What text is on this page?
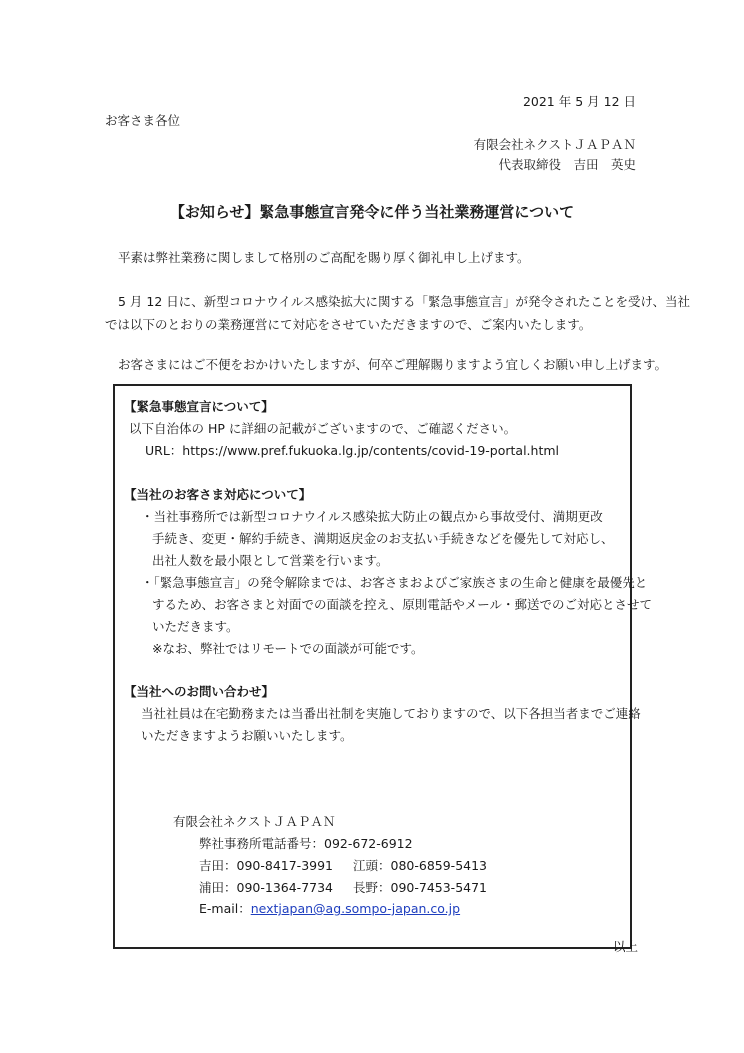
2021 年 5 月 12 日
お客さま各位
有限会社ネクストＪＡＰＡＮ
代表取締役　吉田　英史
【お知らせ】緊急事態宣言発令に伴う当社業務運営について
平素は弊社業務に関しまして格別のご高配を賜り厚く御礼申し上げます。
5 月 12 日に、新型コロナウイルス感染拡大に関する「緊急事態宣言」が発令されたことを受け、当社
では以下のとおりの業務運営にて対応をさせていただきますので、ご案内いたします。
お客さまにはご不便をおかけいたしますが、何卒ご理解賜りますよう宜しくお願い申し上げます。
【緊急事態宣言について】
以下自治体の HP に詳細の記載がございますので、ご確認ください。
URL：https://www.pref.fukuoka.lg.jp/contents/covid-19-portal.html
【当社のお客さま対応について】
・当社事務所では新型コロナウイルス感染拡大防止の観点から事故受付、満期更改
手続き、変更・解約手続き、満期返戻金のお支払い手続きなどを優先して対応し、
出社人数を最小限として営業を行います。
・「緊急事態宣言」の発令解除までは、お客さまおよびご家族さまの生命と健康を最優先と
するため、お客さまと対面での面談を控え、原則電話やメール・郵送でのご対応とさせて
いただきます。
※なお、弊社ではリモートでの面談が可能です。
【当社へのお問い合わせ】
当社社員は在宅勤務または当番出社制を実施しておりますので、以下各担当者までご連絡
いただきますようお願いいたします。
有限会社ネクストＪＡＰＡＮ
弊社事務所電話番号：092-672-6912
吉田：090-8417-3991 江頭：080-6859-5413
浦田：090-1364-7734 長野：090-7453-5471
E-mail：nextjapan@ag.sompo-japan.co.jp
以上
